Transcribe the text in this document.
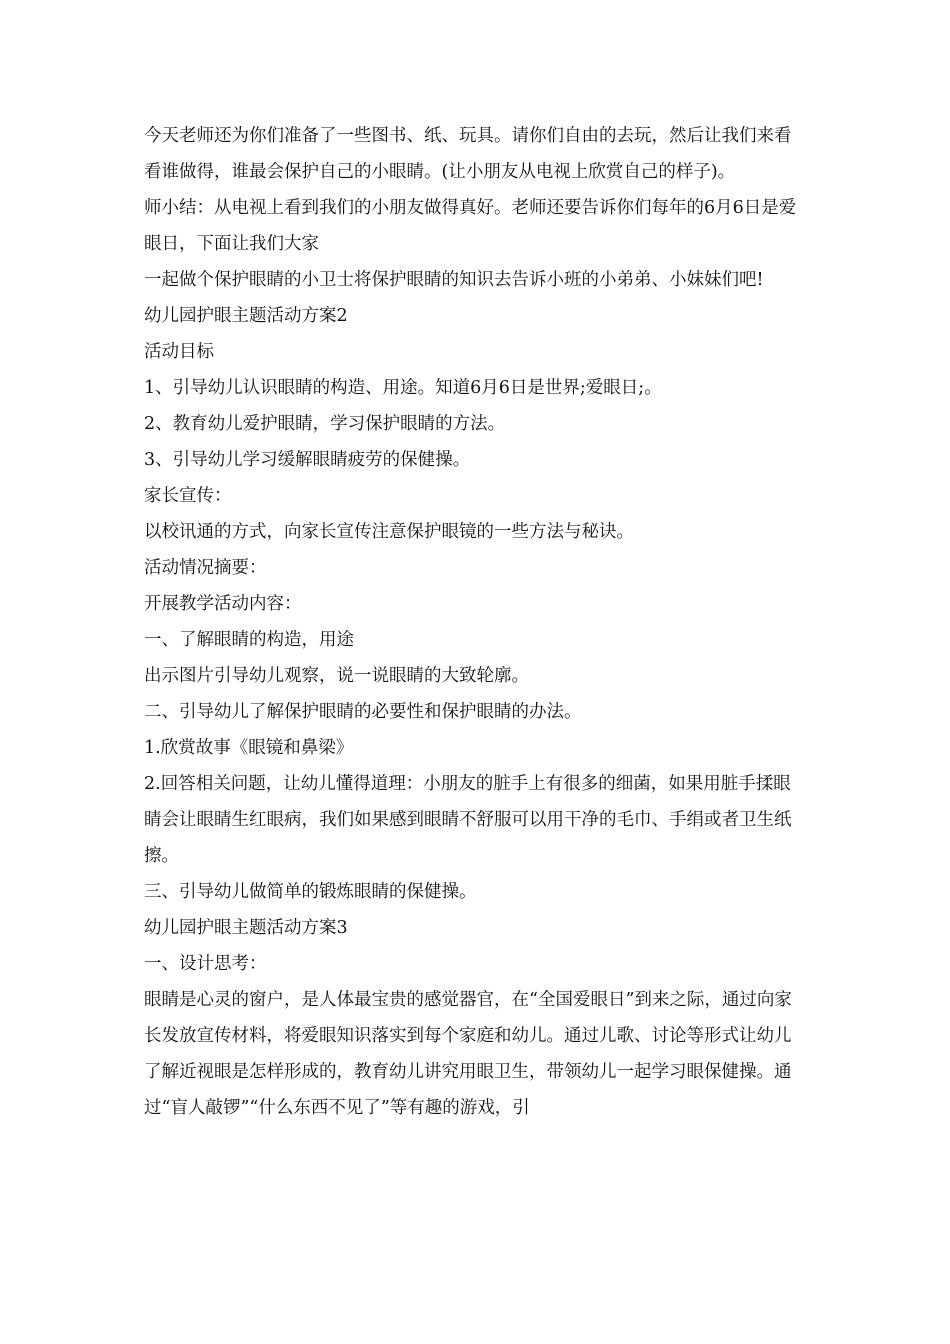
今天老师还为你们准备了一些图书、纸、玩具。请你们自由的去玩，然后让我们来看看谁做得，谁最会保护自己的小眼睛。(让小朋友从电视上欣赏自己的样子)。

师小结：从电视上看到我们的小朋友做得真好。老师还要告诉你们每年的6月6日是爱眼日，下面让我们大家

一起做个保护眼睛的小卫士将保护眼睛的知识去告诉小班的小弟弟、小妹妹们吧!

幼儿园护眼主题活动方案2

活动目标

1、引导幼儿认识眼睛的构造、用途。知道6月6日是世界;爱眼日;。

2、教育幼儿爱护眼睛，学习保护眼睛的方法。

3、引导幼儿学习缓解眼睛疲劳的保健操。

家长宣传：

以校讯通的方式，向家长宣传注意保护眼镜的一些方法与秘诀。

活动情况摘要：

开展教学活动内容：

一、了解眼睛的构造，用途

出示图片引导幼儿观察，说一说眼睛的大致轮廓。

二、引导幼儿了解保护眼睛的必要性和保护眼睛的办法。

1.欣赏故事《眼镜和鼻梁》

2.回答相关问题，让幼儿懂得道理：小朋友的脏手上有很多的细菌，如果用脏手揉眼睛会让眼睛生红眼病，我们如果感到眼睛不舒服可以用干净的毛巾、手绢或者卫生纸擦。

三、引导幼儿做简单的锻炼眼睛的保健操。

幼儿园护眼主题活动方案3

一、设计思考：

眼睛是心灵的窗户，是人体最宝贵的感觉器官，在“全国爱眼日”到来之际，通过向家长发放宣传材料，将爱眼知识落实到每个家庭和幼儿。通过儿歌、讨论等形式让幼儿了解近视眼是怎样形成的，教育幼儿讲究用眼卫生，带领幼儿一起学习眼保健操。通过“盲人敲锣”“什么东西不见了”等有趣的游戏，引
